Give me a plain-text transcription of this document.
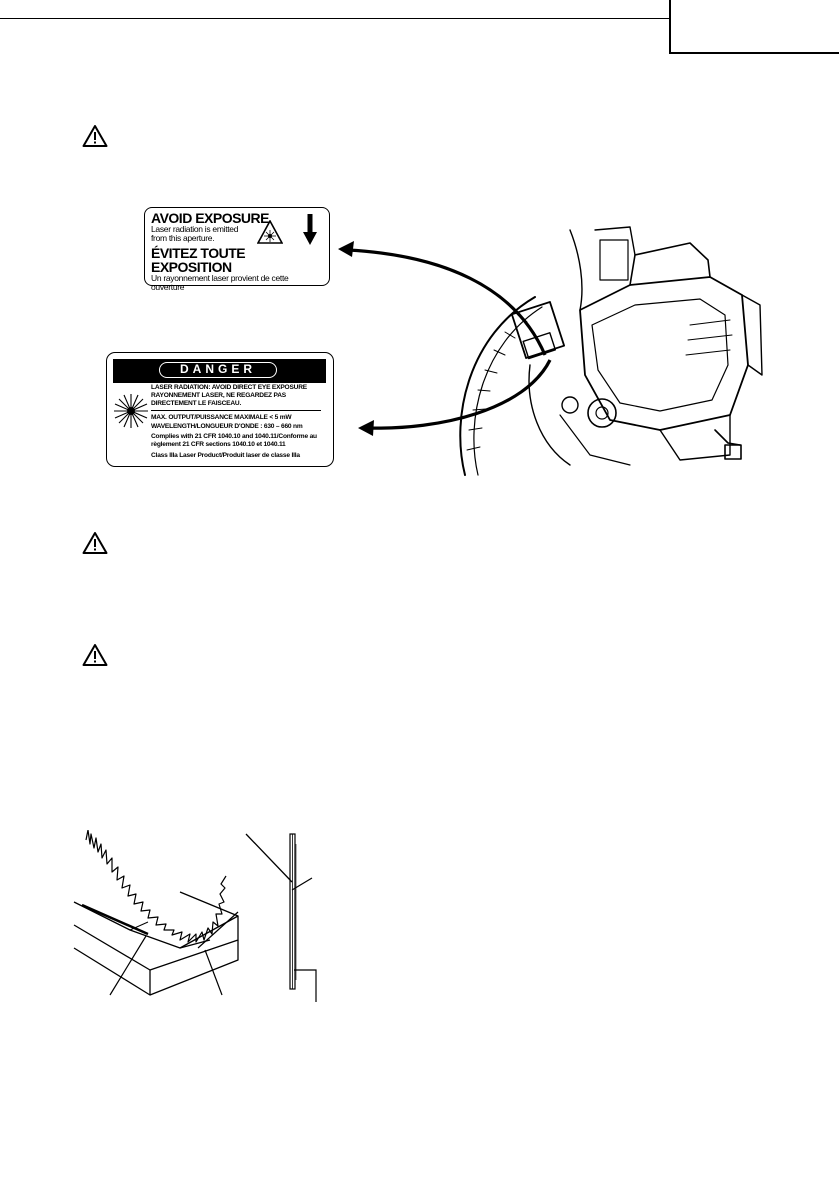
AVOID EXPOSURE
Laser radiation is emitted
from this aperture.
ÉVITEZ TOUTE EXPOSITION
Un rayonnement laser provient de cette ouverture
DANGER
LASER RADIATION: AVOID DIRECT EYE EXPOSURE
RAYONNEMENT LASER, NE REGARDEZ PAS
DIRECTEMENT LE FAISCEAU.
MAX. OUTPUT/PUISSANCE MAXIMALE < 5 mW
WAVELENGTH/LONGUEUR D'ONDE : 630 – 660 nm
Complies with 21 CFR 1040.10 and 1040.11/Conforme au
règlement 21 CFR sections 1040.10 et 1040.11
Class IIIa Laser Product/Produit laser de classe IIIa
